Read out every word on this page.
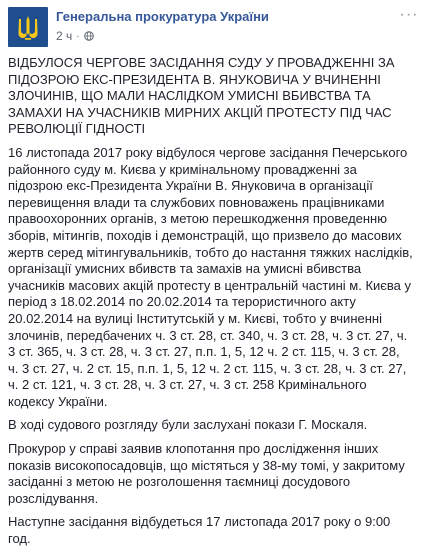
Генеральна прокуратура України
2 ч ·
···

ВІДБУЛОСЯ ЧЕРГОВЕ ЗАСІДАННЯ СУДУ У ПРОВАДЖЕННІ ЗА ПІДОЗРОЮ ЕКС-ПРЕЗИДЕНТА В. ЯНУКОВИЧА У ВЧИНЕННІ ЗЛОЧИНІВ, ЩО МАЛИ НАСЛІДКОМ УМИСНІ ВБИВСТВА ТА ЗАМАХИ НА УЧАСНИКІВ МИРНИХ АКЦІЙ ПРОТЕСТУ ПІД ЧАС РЕВОЛЮЦІЇ ГІДНОСТІ

16 листопада 2017 року відбулося чергове засідання Печерського районного суду м. Києва у кримінальному провадженні за підозрою екс-Президента України В. Януковича в організації перевищення влади та службових повноважень працівниками правоохоронних органів, з метою перешкодження проведенню зборів, мітингів, походів і демонстрацій, що призвело до масових жертв серед мітингувальників, тобто до настання тяжких наслідків, організації умисних вбивств та замахів на умисні вбивства учасників масових акцій протесту в центральній частині м. Києва у період з 18.02.2014 по 20.02.2014 та терористичного акту 20.02.2014 на вулиці Інститутській у м. Києві, тобто у вчиненні злочинів, передбачених ч. 3 ст. 28, ст. 340, ч. 3 ст. 28, ч. 3 ст. 27, ч. 3 ст. 365, ч. 3 ст. 28, ч. 3 ст. 27, п.п. 1, 5, 12 ч. 2 ст. 115, ч. 3 ст. 28, ч. 3 ст. 27, ч. 2 ст. 15, п.п. 1, 5, 12 ч. 2 ст. 115, ч. 3 ст. 28, ч. 3 ст. 27, ч. 2 ст. 121, ч. 3 ст. 28, ч. 3 ст. 27, ч. 3 ст. 258 Кримінального кодексу України.

В ході судового розгляду були заслухані покази Г. Москаля.

Прокурор у справі заявив клопотання про дослідження інших показів високопосадовців, що містяться у 38-му томі, у закритому засіданні з метою не розголошення таємниці досудового розслідування.

Наступне засідання відбудеться 17 листопада 2017 року о 9:00 год.
